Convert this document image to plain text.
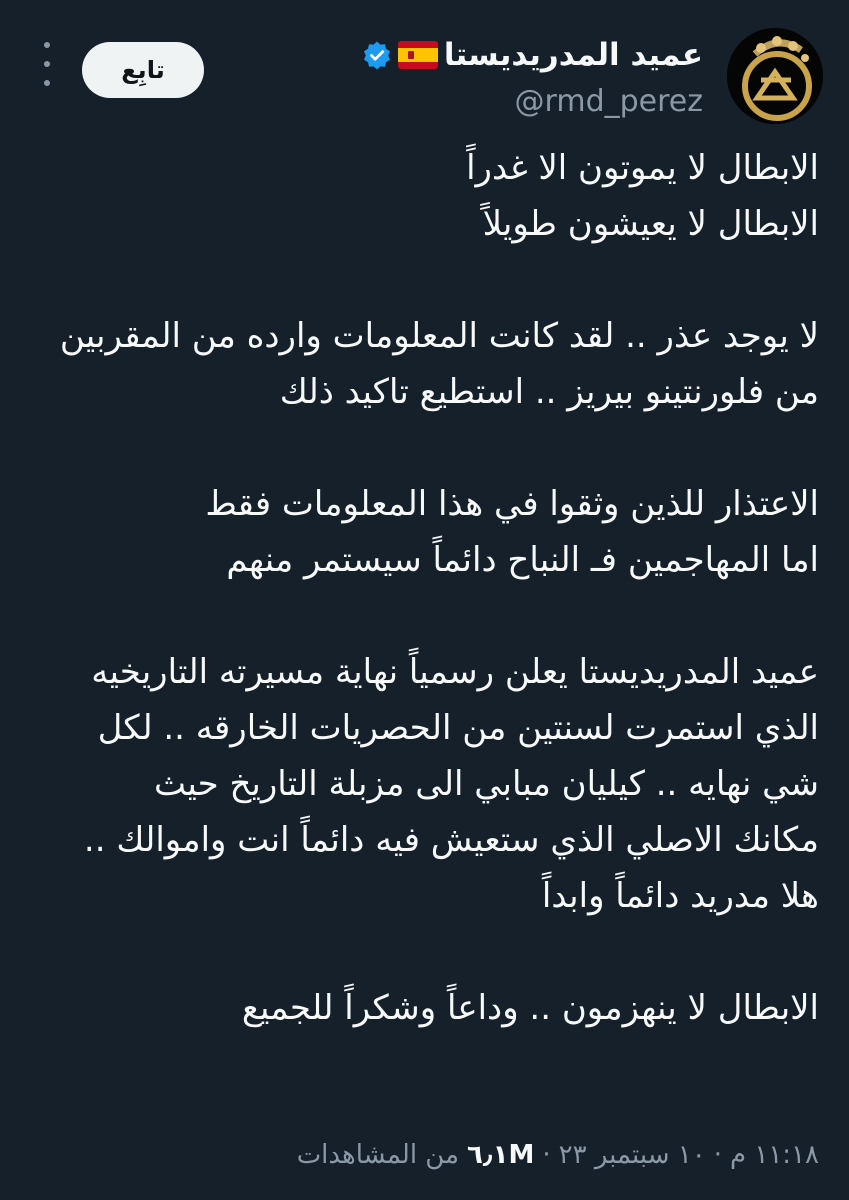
عميد المدريديستا
@rmd_perez
تابِع
الابطال لا يموتون الا غدراً
الابطال لا يعيشون طويلاً
لا يوجد عذر .. لقد كانت المعلومات وارده من المقربين
من فلورنتينو بيريز .. استطيع تاكيد ذلك
الاعتذار للذين وثقوا في هذا المعلومات فقط
اما المهاجمين فـ النباح دائماً سيستمر منهم
عميد المدريديستا يعلن رسمياً نهاية مسيرته التاريخيه
الذي استمرت لسنتين من الحصريات الخارقه .. لكل
شي نهايه .. كيليان مبابي الى مزبلة التاريخ حيث
مكانك الاصلي الذي ستعيش فيه دائماً انت واموالك ..
هلا مدريد دائماً وابداً
الابطال لا ينهزمون .. وداعاً وشكراً للجميع
١١:١٨ م
·
١٠ سبتمبر ٢٣
·
٦٫١M
من المشاهدات
